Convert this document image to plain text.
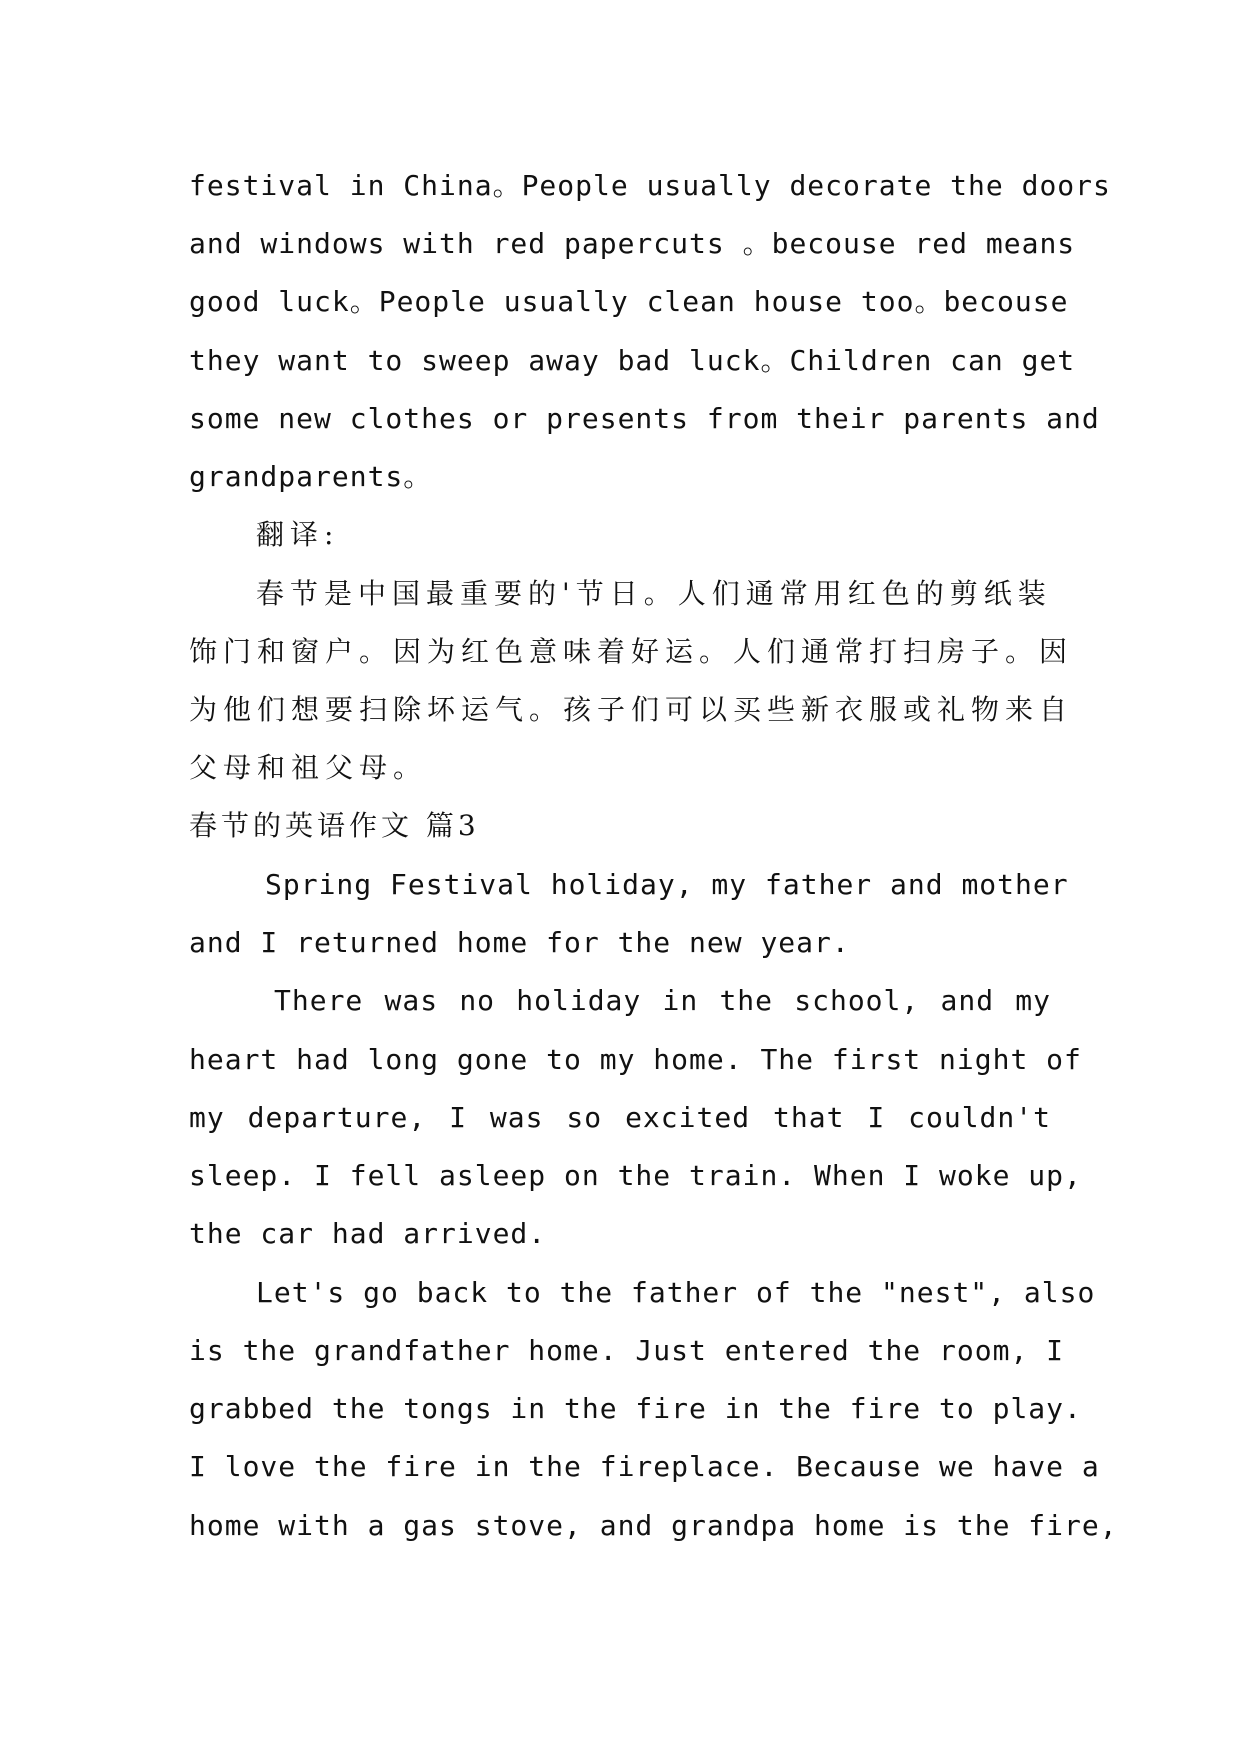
festival in China。People usually decorate the doors
and windows with red papercuts 。becouse red means
good luck。People usually clean house too。becouse
they want to sweep away bad luck。Children can get
some new clothes or presents from their parents and
grandparents。
翻译:
春节是中国最重要的'节日。人们通常用红色的剪纸装
饰门和窗户。因为红色意味着好运。人们通常打扫房子。因
为他们想要扫除坏运气。孩子们可以买些新衣服或礼物来自
父母和祖父母。
春节的英语作文 篇3
Spring Festival holiday, my father and mother
and I returned home for the new year.
There was no holiday in the school, and my
heart had long gone to my home. The first night of
my departure, I was so excited that I couldn't
sleep. I fell asleep on the train. When I woke up,
the car had arrived.
Let's go back to the father of the "nest", also
is the grandfather home. Just entered the room, I
grabbed the tongs in the fire in the fire to play.
I love the fire in the fireplace. Because we have a
home with a gas stove, and grandpa home is the fire,
